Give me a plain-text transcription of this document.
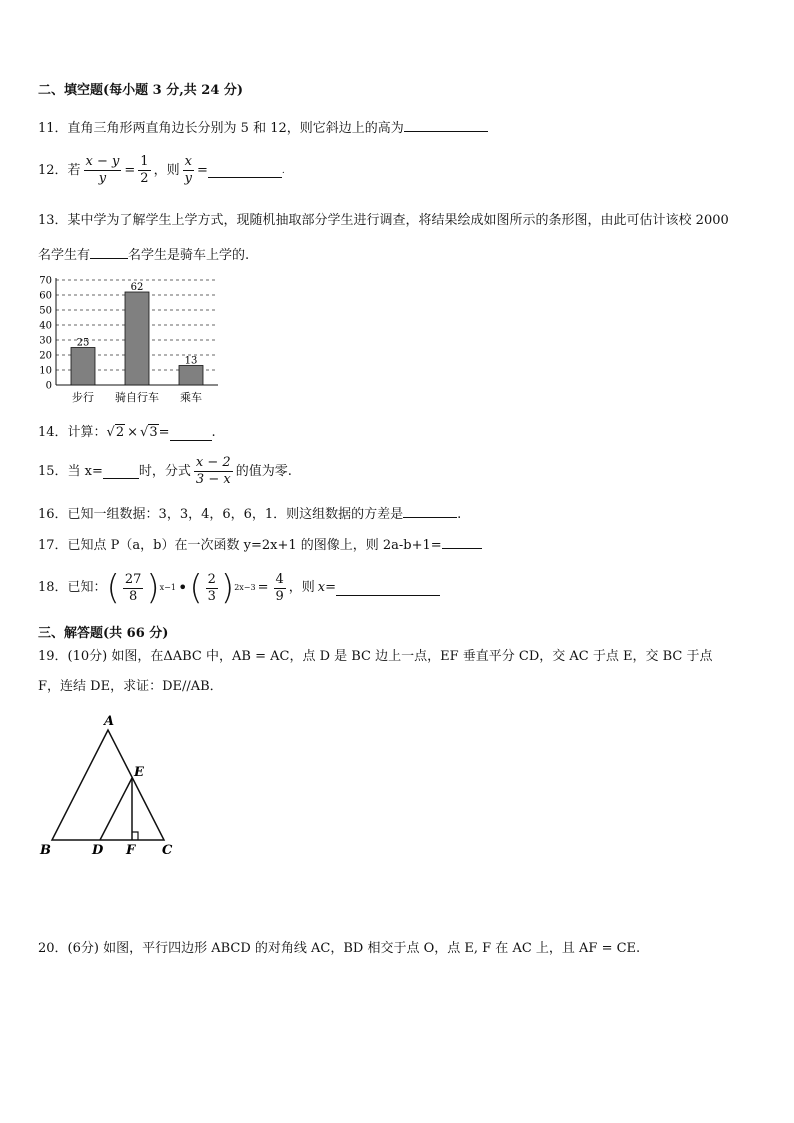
二、填空题(每小题 3 分,共 24 分)
11．直角三角形两直角边长分别为 5 和 12，则它斜边上的高为
12．若 $\frac{x - y}{y} = \frac{1}{2}$ ，则 $\frac{x}{y}$ =	.
13．某中学为了解学生上学方式，现随机抽取部分学生进行调查，将结果绘成如图所示的条形图，由此可估计该校 2000
名学生有	名学生是骑车上学的.
0
10
20
30
40
50
60
70
25
62
13
步行 骑自行车 乘车
14．计算： √2 × √3 =	.
15．当 x=	时，分式 $\frac{x - 2}{3 - x}$ 的值为零.
16．已知一组数据：3，3，4，6，6，1．则这组数据的方差是	.
17．已知点 P（a，b）在一次函数 y=2x+1 的图像上，则 2a-b+1=
18．已知： ( $\frac{27}{8}$ ) x−1 • ( $\frac{2}{3}$ ) $2x-3 = \frac{4}{9}$ ，则 x =
三、解答题(共 66 分)
19．(10分) 如图，在ΔABC 中，AB = AC，点 D 是 BC 边上一点，EF 垂直平分 CD，交 AC 于点 E，交 BC 于点
F，连结 DE，求证：DE//AB．
A
B	C
D
E
F
20．(6分) 如图，平行四边形 ABCD 的对角线 AC，BD 相交于点 O，点 E, F 在 AC 上，且 AF = CE.
